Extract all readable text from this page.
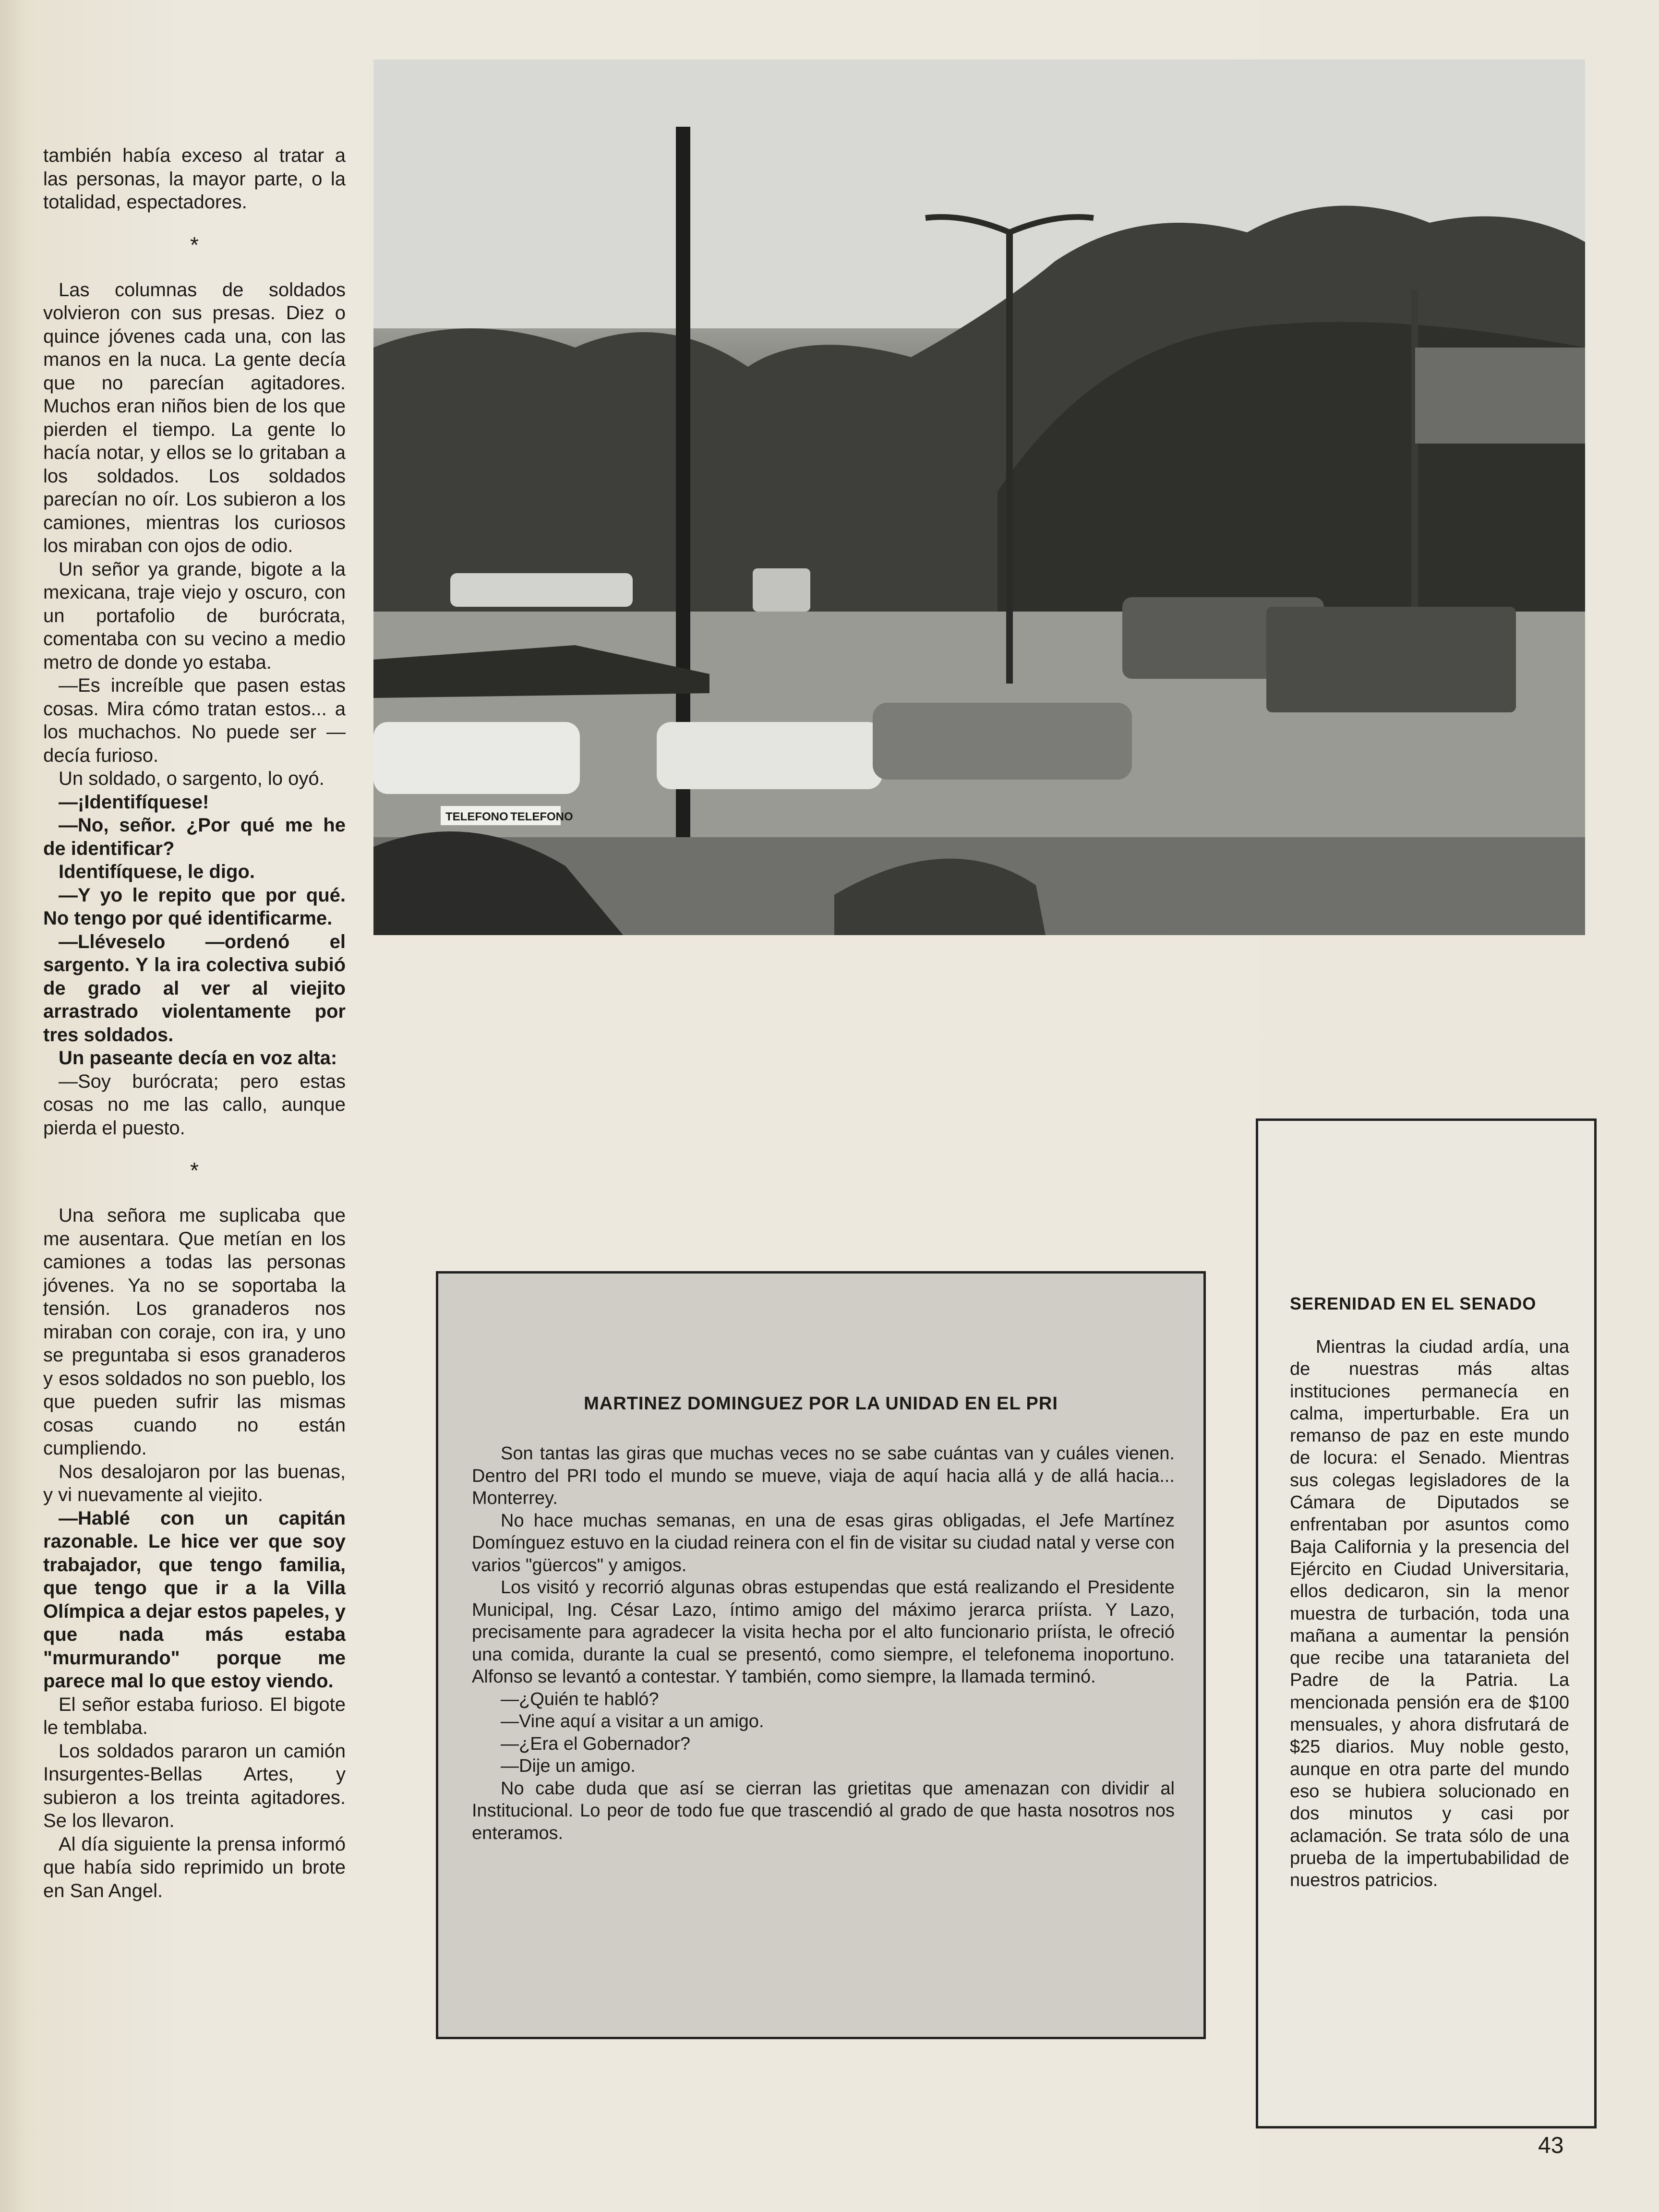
también había exceso al tratar a las personas, la mayor parte, o la totalidad, espectadores.

*

Las columnas de soldados volvieron con sus presas. Diez o quince jóvenes cada una, con las manos en la nuca. La gente decía que no parecían agitadores. Muchos eran niños bien de los que pierden el tiempo. La gente lo hacía notar, y ellos se lo gritaban a los soldados. Los soldados parecían no oír. Los subieron a los camiones, mientras los curiosos los miraban con ojos de odio.

Un señor ya grande, bigote a la mexicana, traje viejo y oscuro, con un portafolio de burócrata, comentaba con su vecino a medio metro de donde yo estaba.

—Es increíble que pasen estas cosas. Mira cómo tratan estos... a los muchachos. No puede ser —decía furioso.

Un soldado, o sargento, lo oyó.

—¡Identifíquese!

—No, señor. ¿Por qué me he de identificar?

Identifíquese, le digo.

—Y yo le repito que por qué. No tengo por qué identificarme.

—Lléveselo —ordenó el sargento. Y la ira colectiva subió de grado al ver al viejito arrastrado violentamente por tres soldados.

Un paseante decía en voz alta:

—Soy burócrata; pero estas cosas no me las callo, aunque pierda el puesto.

*

Una señora me suplicaba que me ausentara. Que metían en los camiones a todas las personas jóvenes. Ya no se soportaba la tensión. Los granaderos nos miraban con coraje, con ira, y uno se preguntaba si esos granaderos y esos soldados no son pueblo, los que pueden sufrir las mismas cosas cuando no están cumpliendo.

Nos desalojaron por las buenas, y vi nuevamente al viejito.

—Hablé con un capitán razonable. Le hice ver que soy trabajador, que tengo familia, que tengo que ir a la Villa Olímpica a dejar estos papeles, y que nada más estaba "murmurando" porque me parece mal lo que estoy viendo.

El señor estaba furioso. El bigote le temblaba.

Los soldados pararon un camión Insurgentes-Bellas Artes, y subieron a los treinta agitadores. Se los llevaron.

Al día siguiente la prensa informó que había sido reprimido un brote en San Angel.

TELEFONO TELEFONO
MARTINEZ DOMINGUEZ POR LA UNIDAD EN EL PRI

Son tantas las giras que muchas veces no se sabe cuántas van y cuáles vienen. Dentro del PRI todo el mundo se mueve, viaja de aquí hacia allá y de allá hacia... Monterrey.

No hace muchas semanas, en una de esas giras obligadas, el Jefe Martínez Domínguez estuvo en la ciudad reinera con el fin de visitar su ciudad natal y verse con varios "güercos" y amigos.

Los visitó y recorrió algunas obras estupendas que está realizando el Presidente Municipal, Ing. César Lazo, íntimo amigo del máximo jerarca priísta. Y Lazo, precisamente para agradecer la visita hecha por el alto funcionario priísta, le ofreció una comida, durante la cual se presentó, como siempre, el telefonema inoportuno. Alfonso se levantó a contestar. Y también, como siempre, la llamada terminó.

—¿Quién te habló?

—Vine aquí a visitar a un amigo.

—¿Era el Gobernador?

—Dije un amigo.

No cabe duda que así se cierran las grietitas que amenazan con dividir al Institucional. Lo peor de todo fue que trascendió al grado de que hasta nosotros nos enteramos.

SERENIDAD EN EL SENADO

Mientras la ciudad ardía, una de nuestras más altas instituciones permanecía en calma, imperturbable. Era un remanso de paz en este mundo de locura: el Senado. Mientras sus colegas legisladores de la Cámara de Diputados se enfrentaban por asuntos como Baja California y la presencia del Ejército en Ciudad Universitaria, ellos dedicaron, sin la menor muestra de turbación, toda una mañana a aumentar la pensión que recibe una tataranieta del Padre de la Patria. La mencionada pensión era de $100 mensuales, y ahora disfrutará de $25 diarios. Muy noble gesto, aunque en otra parte del mundo eso se hubiera solucionado en dos minutos y casi por aclamación. Se trata sólo de una prueba de la impertubabilidad de nuestros patricios.

43
